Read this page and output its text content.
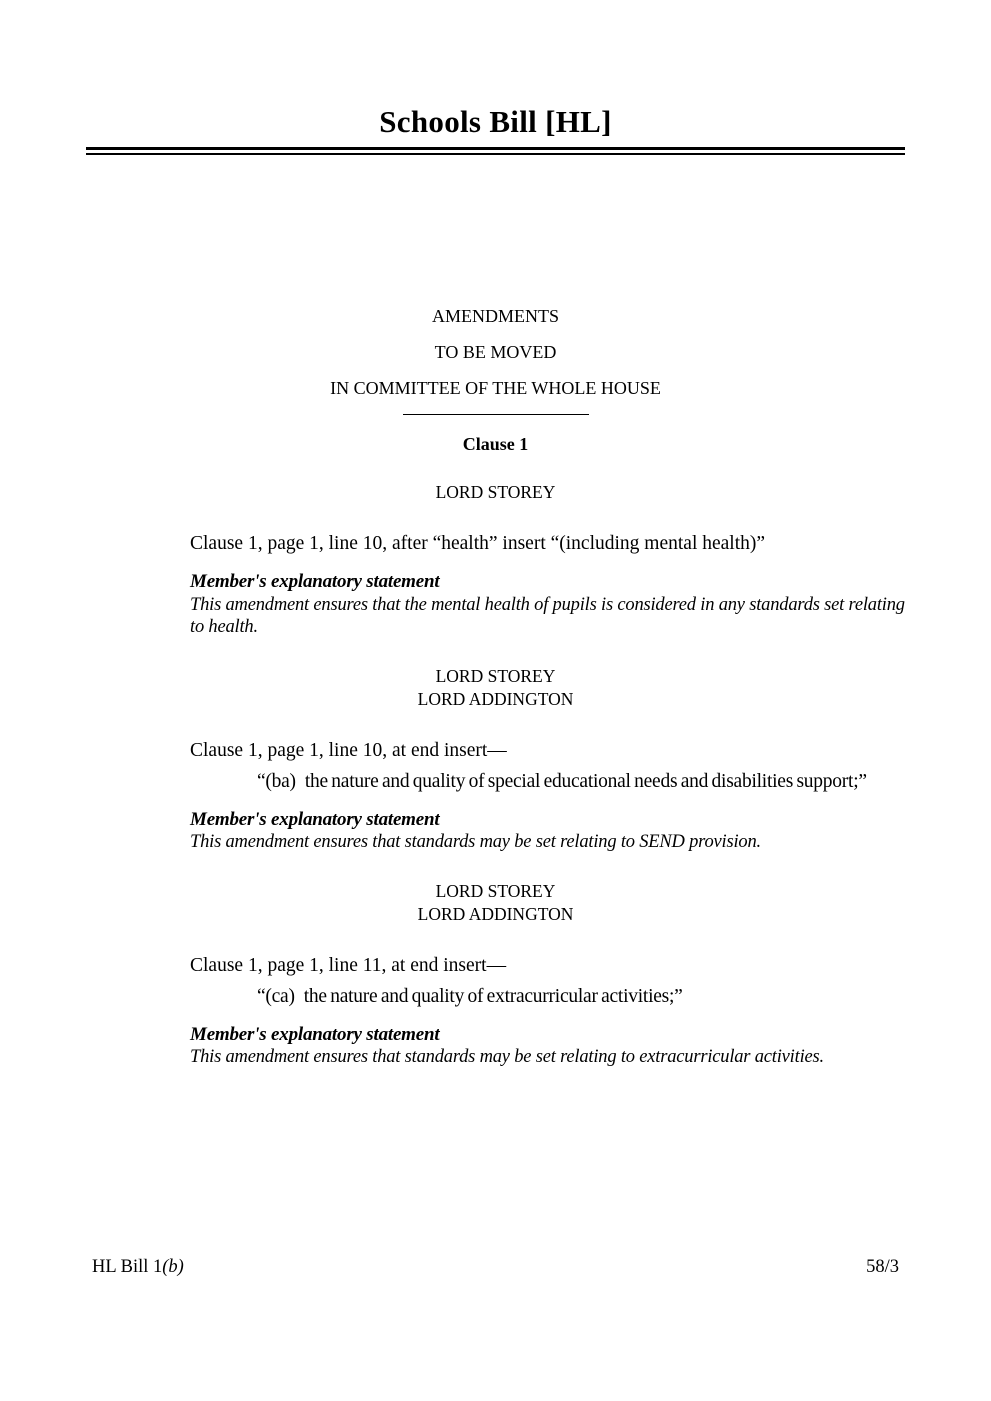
Schools Bill [HL]
AMENDMENTS
TO BE MOVED
IN COMMITTEE OF THE WHOLE HOUSE
Clause 1
LORD STOREY
Clause 1, page 1, line 10, after “health” insert “(including mental health)”
Member's explanatory statement
This amendment ensures that the mental health of pupils is considered in any standards set relating to health.
LORD STOREY
LORD ADDINGTON
Clause 1, page 1, line 10, at end insert—
“(ba) the nature and quality of special educational needs and disabilities support;”
Member's explanatory statement
This amendment ensures that standards may be set relating to SEND provision.
LORD STOREY
LORD ADDINGTON
Clause 1, page 1, line 11, at end insert—
“(ca) the nature and quality of extracurricular activities;”
Member's explanatory statement
This amendment ensures that standards may be set relating to extracurricular activities.
HL Bill 1(b)	58/3
